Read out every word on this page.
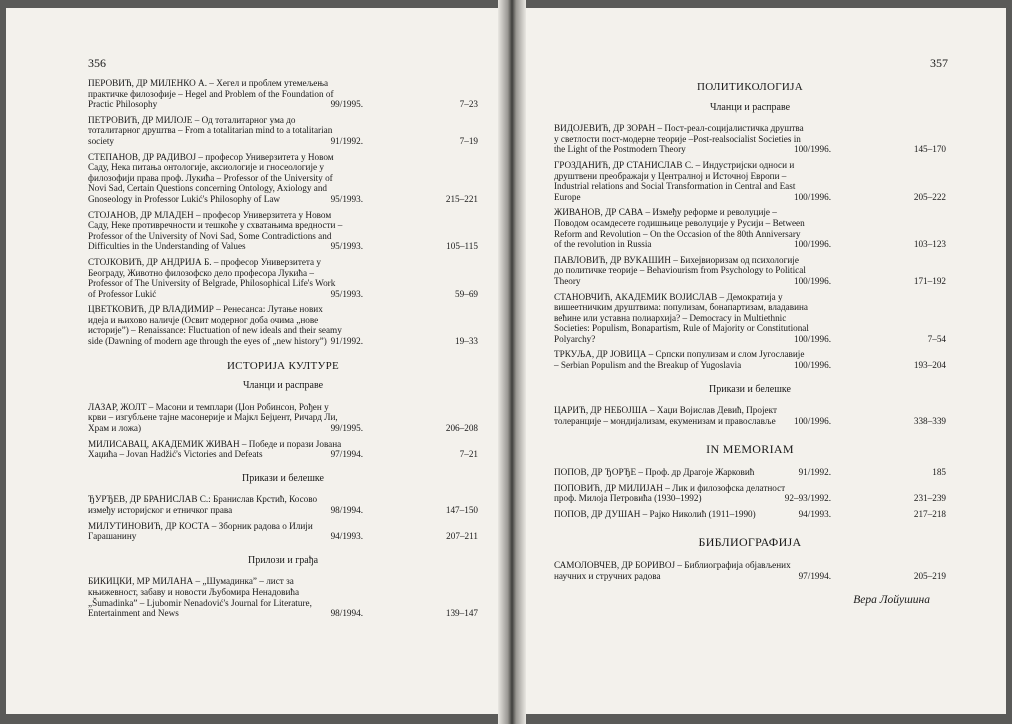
356
ПЕРОВИЋ, ДР МИЛЕНКО А. – Хегел и проблем утемељења практичке филозофије – Hegel and Problem of the Foundation of Practic Philosophy	99/1995.	7–23
ПЕТРОВИЋ, ДР МИЛОЈЕ – Од тоталитарног ума до тоталитарног друштва – From a totalitarian mind to a totalitarian society	91/1992.	7–19
СТЕПАНОВ, ДР РАДИВОЈ – професор Универзитета у Новом Саду, Нека питања онтологије, аксиологије и гносеологије у филозофији права проф. Лукића – Professor of the University of Novi Sad, Certain Questions concerning Ontology, Axiology and Gnoseology in Professor Lukić's Philosophy of Law	95/1993.	215–221
СТОЈАНОВ, ДР МЛАДЕН – професор Универзитета у Новом Саду, Неке противречности и тешкоће у схватањима вредности – Professor of the University of Novi Sad, Some Contradictions and Difficulties in the Understanding of Values	95/1993.	105–115
СТОЈКОВИЋ, ДР АНДРИЈА Б. – професор Универзитета у Београду, Животно филозофско дело професора Лукића – Professor of The University of Belgrade, Philosophical Life's Work of Professor Lukić	95/1993.	59–69
ЦВЕТКОВИЋ, ДР ВЛАДИМИР – Ренесанса: Лутање нових идеја и њихово наличје (Освит модерног доба очима „нове историје”) – Renaissance: Fluctuation of new ideals and their seamy side (Dawning of modern age through the eyes of „new history”) 91/1992.	19–33
ИСТОРИЈА КУЛТУРЕ
Чланци и расправе
ЛАЗАР, ЖОЛТ – Масони и темплари (Џон Робинсон, Рођен у крви – изгубљене тајне масонерије и Мајкл Бејџент, Ричард Ли, Храм и ложа)	99/1995.	206–208
МИЛИСАВАЦ, АКАДЕМИК ЖИВАН – Победе и порази Јована Хаџића – Jovan Hadžić's Victories and Defeats	97/1994.	7–21
Прикази и белешке
ЂУРЂЕВ, ДР БРАНИСЛАВ С.: Бранислав Крстић, Косово између историјског и етничког права	98/1994.	147–150
МИЛУТИНОВИЋ, ДР КОСТА – Зборник радова о Илији Гарашанину	94/1993.	207–211
Прилози и грађа
БИКИЦКИ, МР МИЛАНА – „Шумадинка” – лист за књижевност, забаву и новости Љубомира Ненадовића „Šumadinka” – Ljubomir Nenadović's Journal for Literature, Entertainment and News	98/1994.	139–147
357
ПОЛИТИКОЛОГИЈА
Чланци и расправе
ВИДОЈЕВИЋ, ДР ЗОРАН – Пост-реал-социјалистичка друштва у светлости пост-модерне теорије –Post-realsocialist Societies in the Light of the Postmodern Theory	100/1996.	145–170
ГРОЗДАНИЋ, ДР СТАНИСЛАВ С. – Индустријски односи и друштвени преображаји у Централној и Источној Европи – Industrial relations and Social Transformation in Central and East Europe	100/1996.	205–222
ЖИВАНОВ, ДР САВА – Између реформе и револуције – Поводом осамдесете годишњице револуције у Русији – Between Reform and Revolution – On the Occasion of the 80th Anniversary of the revolution in Russia	100/1996.	103–123
ПАВЛОВИЋ, ДР ВУКАШИН – Бихејвиоризам од психологије до политичке теорије – Behaviourism from Psychology to Political Theory	100/1996.	171–192
СТАНОВЧИЋ, АКАДЕМИК ВОЈИСЛАВ – Демократија у вишеетничким друштвима: популизам, бонапартизам, владавина већине или уставна полиархија? – Democracy in Multiethnic Societies: Populism, Bonapartism, Rule of Majority or Constitutional Polyarchy?	100/1996.	7–54
ТРКУЉА, ДР ЈОВИЦА – Српски популизам и слом Југославије – Serbian Populism and the Breakup of Yugoslavia	100/1996.	193–204
Прикази и белешке
ЦАРИЋ, ДР НЕБОЈША – Хаџи Војислав Девић, Пројект толеранције – мондијализам, екуменизам и православље	100/1996.	338–339
IN MEMORIAM
ПОПОВ, ДР ЂОРЂЕ – Проф. др Драгоје Жарковић	91/1992.	185
ПОПОВИЋ, ДР МИЛИЈАН – Лик и филозофска делатност проф. Милоја Петровића (1930–1992)	92–93/1992.	231–239
ПОПОВ, ДР ДУШАН – Рајко Николић (1911–1990)	94/1993.	217–218
БИБЛИОГРАФИЈА
САМОЛОВЧЕВ, ДР БОРИВОЈ – Библиографија објављених научних и стручних радова	97/1994.	205–219
Вера Лойушина
